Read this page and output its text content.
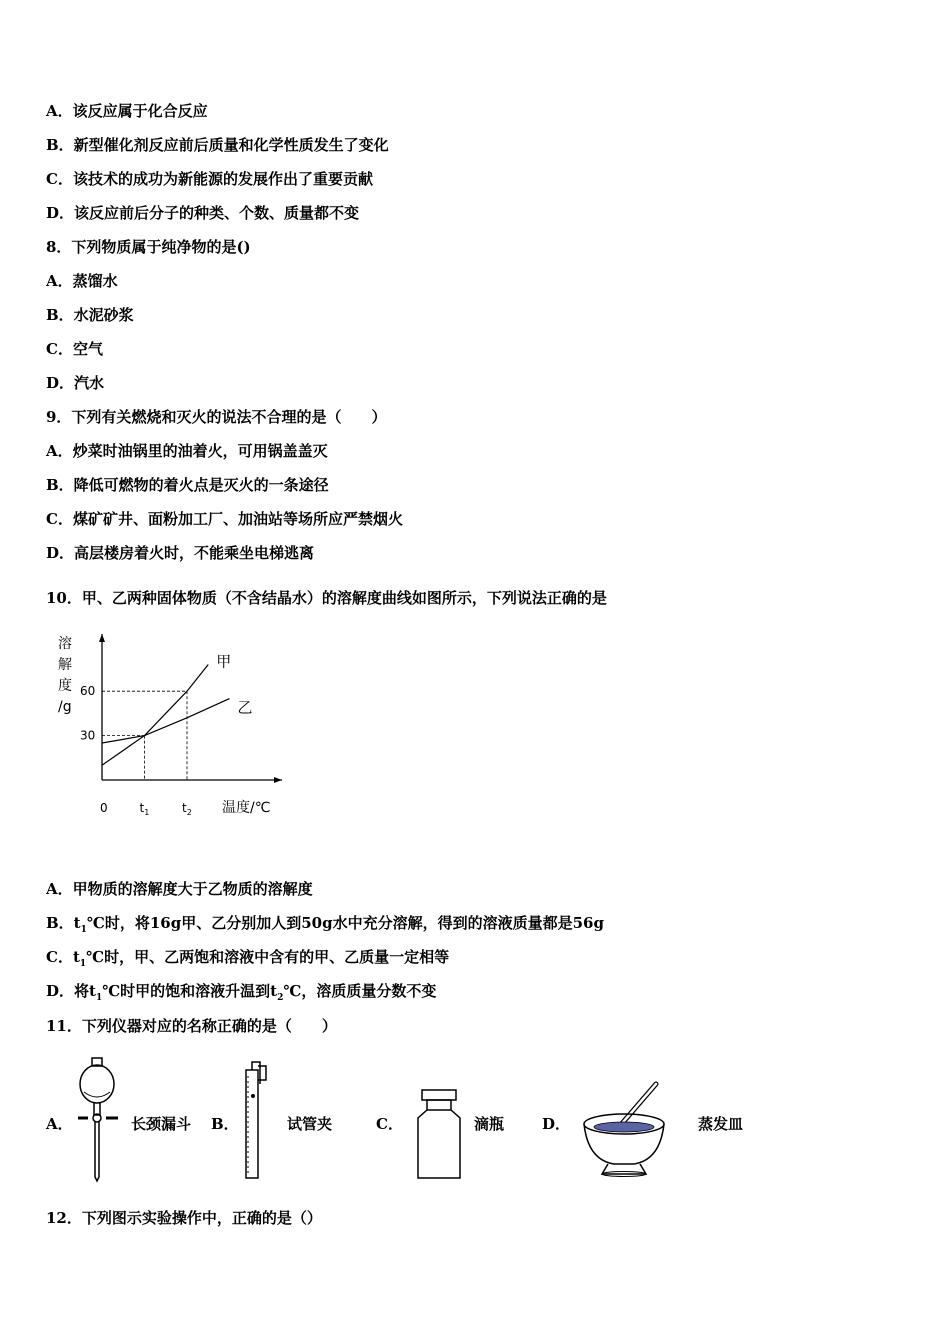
A．该反应属于化合反应
B．新型催化剂反应前后质量和化学性质发生了变化
C．该技术的成功为新能源的发展作出了重要贡献
D．该反应前后分子的种类、个数、质量都不变
8．下列物质属于纯净物的是()
A．蒸馏水
B．水泥砂浆
C．空气
D．汽水
9．下列有关燃烧和灭火的说法不合理的是（　　）
A．炒菜时油锅里的油着火，可用锅盖盖灭
B．降低可燃物的着火点是灭火的一条途径
C．煤矿矿井、面粉加工厂、加油站等场所应严禁烟火
D．高层楼房着火时，不能乘坐电梯逃离
10．甲、乙两种固体物质（不含结晶水）的溶解度曲线如图所示，下列说法正确的是
溶
解
度
/g
30
60
$t_1$	$t_2$
0	温度/℃
甲
乙
A．甲物质的溶解度大于乙物质的溶解度
B．$t_1℃$时，将16g甲、乙分别加人到50g水中充分溶解，得到的溶液质量都是56g
C．$t_1℃$时，甲、乙两饱和溶液中含有的甲、乙质量一定相等
D．将$t_1℃$时甲的饱和溶液升温到$t_2℃$，溶质质量分数不变
11．下列仪器对应的名称正确的是（　　）
A．	长颈漏斗 B．	试管夹	C．	滴瓶	D．	蒸发皿
12．下列图示实验操作中，正确的是（）
